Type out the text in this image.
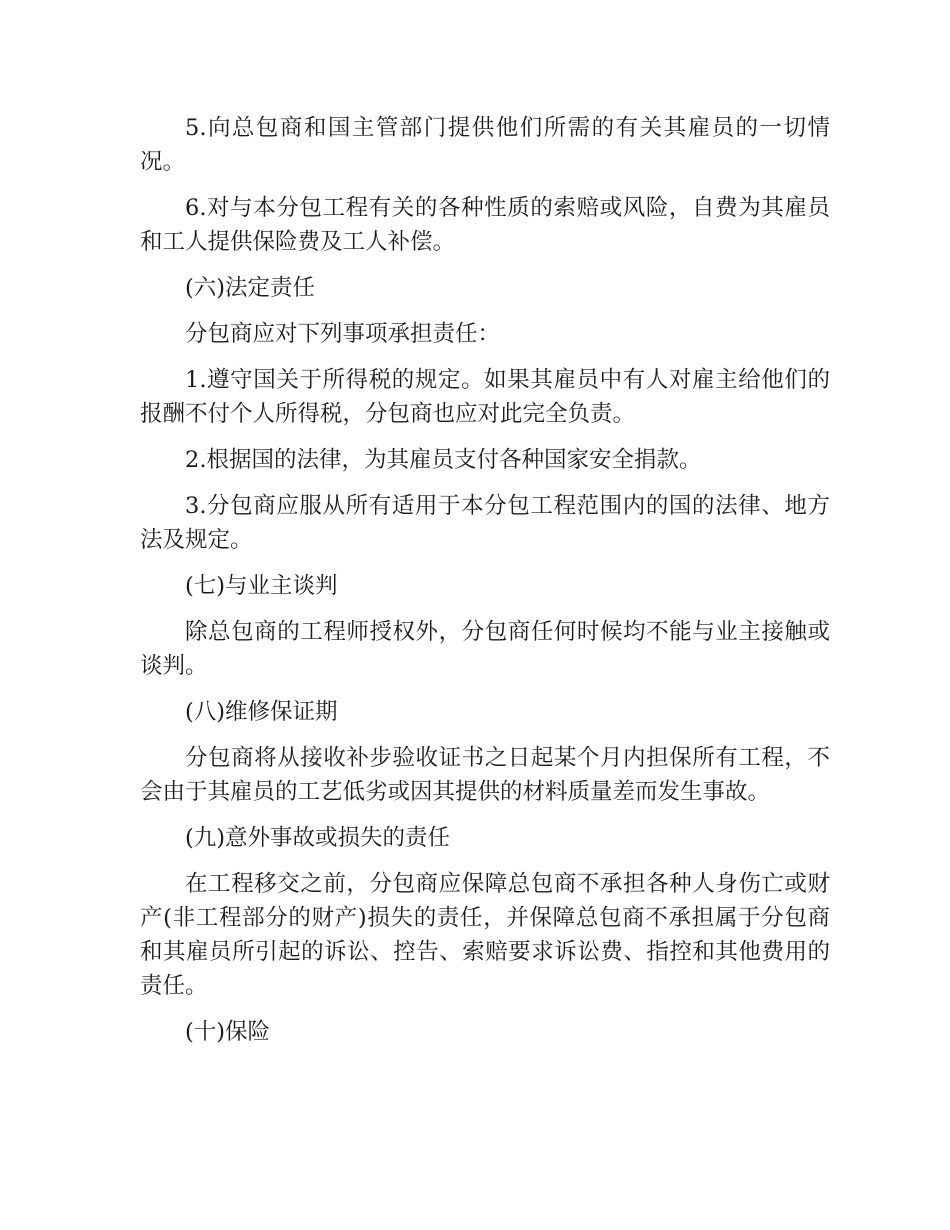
5.向总包商和国主管部门提供他们所需的有关其雇员的一切情况。

6.对与本分包工程有关的各种性质的索赔或风险，自费为其雇员和工人提供保险费及工人补偿。

(六)法定责任

分包商应对下列事项承担责任：

1.遵守国关于所得税的规定。如果其雇员中有人对雇主给他们的报酬不付个人所得税，分包商也应对此完全负责。

2.根据国的法律，为其雇员支付各种国家安全捐款。

3.分包商应服从所有适用于本分包工程范围内的国的法律、地方法及规定。

(七)与业主谈判

除总包商的工程师授权外，分包商任何时候均不能与业主接触或谈判。

(八)维修保证期

分包商将从接收补步验收证书之日起某个月内担保所有工程，不会由于其雇员的工艺低劣或因其提供的材料质量差而发生事故。

(九)意外事故或损失的责任

在工程移交之前，分包商应保障总包商不承担各种人身伤亡或财产(非工程部分的财产)损失的责任，并保障总包商不承担属于分包商和其雇员所引起的诉讼、控告、索赔要求诉讼费、指控和其他费用的责任。

(十)保险
